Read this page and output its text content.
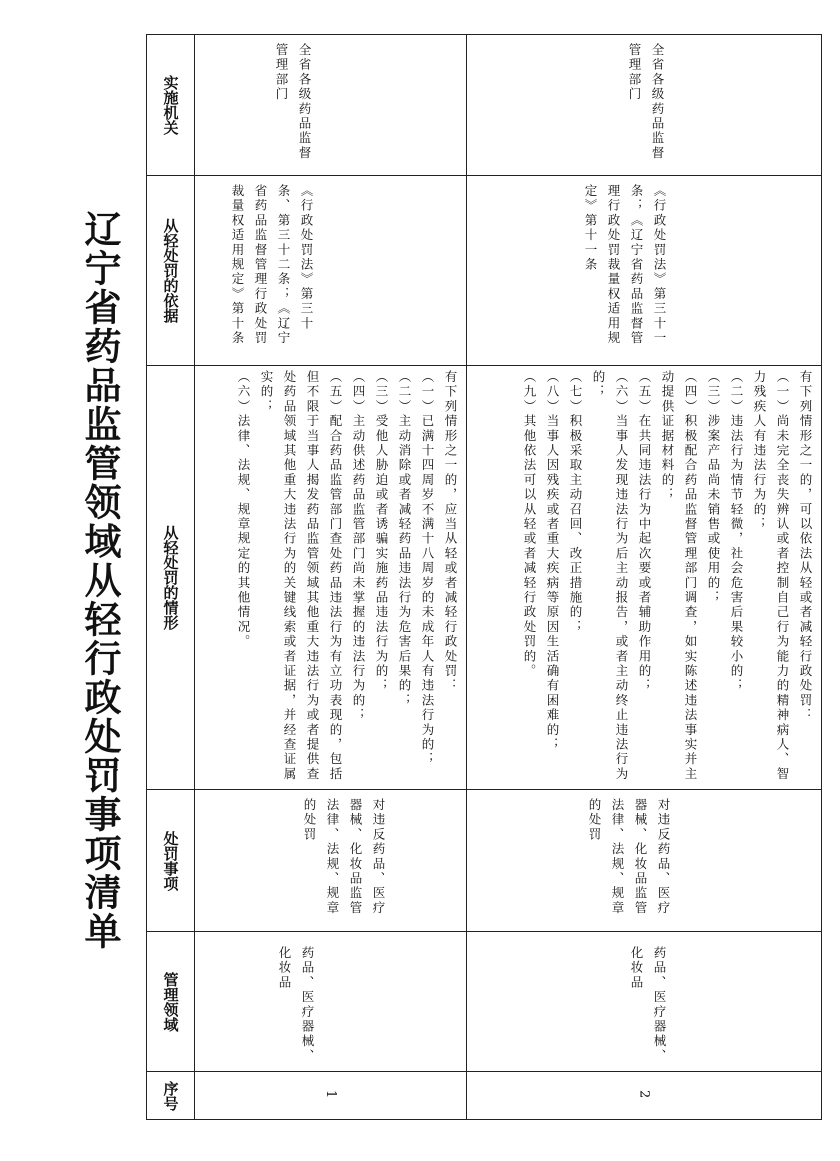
辽宁省药品监管领域从轻行政处罚事项清单
实施机关
从轻处罚的依据
从轻处罚的情形
处罚事项
管理领域
序号
全省各级药品监督管理部门
《行政处罚法》第三十条、第三十二条；《辽宁省药品监督管理行政处罚裁量权适用规定》第十条
有下列情形之一的，应当从轻或者减轻行政处罚：
（一）已满十四周岁不满十八周岁的未成年人有违法行为的；
（二）主动消除或者减轻药品违法行为危害后果的；
（三）受他人胁迫或者诱骗实施药品违法行为的；
（四）主动供述药品监管部门尚未掌握的违法行为的；
（五）配合药品监管部门查处药品违法行为有立功表现的，包括但不限于当事人揭发药品监管领域其他重大违法行为或者提供查处药品领域其他重大违法行为的关键线索或者证据，并经查证属实的；
（六）法律、法规、规章规定的其他情况。
对违反药品、医疗器械、化妆品监管法律、法规、规章的处罚
药品、医疗器械、化妆品
1
全省各级药品监督管理部门
《行政处罚法》第三十一条；《辽宁省药品监督管理行政处罚裁量权适用规定》第十一条
有下列情形之一的，可以依法从轻或者减轻行政处罚：
（一）尚未完全丧失辨认或者控制自己行为能力的精神病人、智力残疾人有违法行为的；
（二）违法行为情节轻微，社会危害后果较小的；
（三）涉案产品尚未销售或使用的；
（四）积极配合药品监督管理部门调查，如实陈述违法事实并主动提供证据材料的；
（五）在共同违法行为中起次要或者辅助作用的；
（六）当事人发现违法行为后主动报告，或者主动终止违法行为的；
（七）积极采取主动召回、改正措施的；
（八）当事人因残疾或者重大疾病等原因生活确有困难的；
（九）其他依法可以从轻或者减轻行政处罚的。
对违反药品、医疗器械、化妆品监管法律、法规、规章的处罚
药品、医疗器械、化妆品
2
